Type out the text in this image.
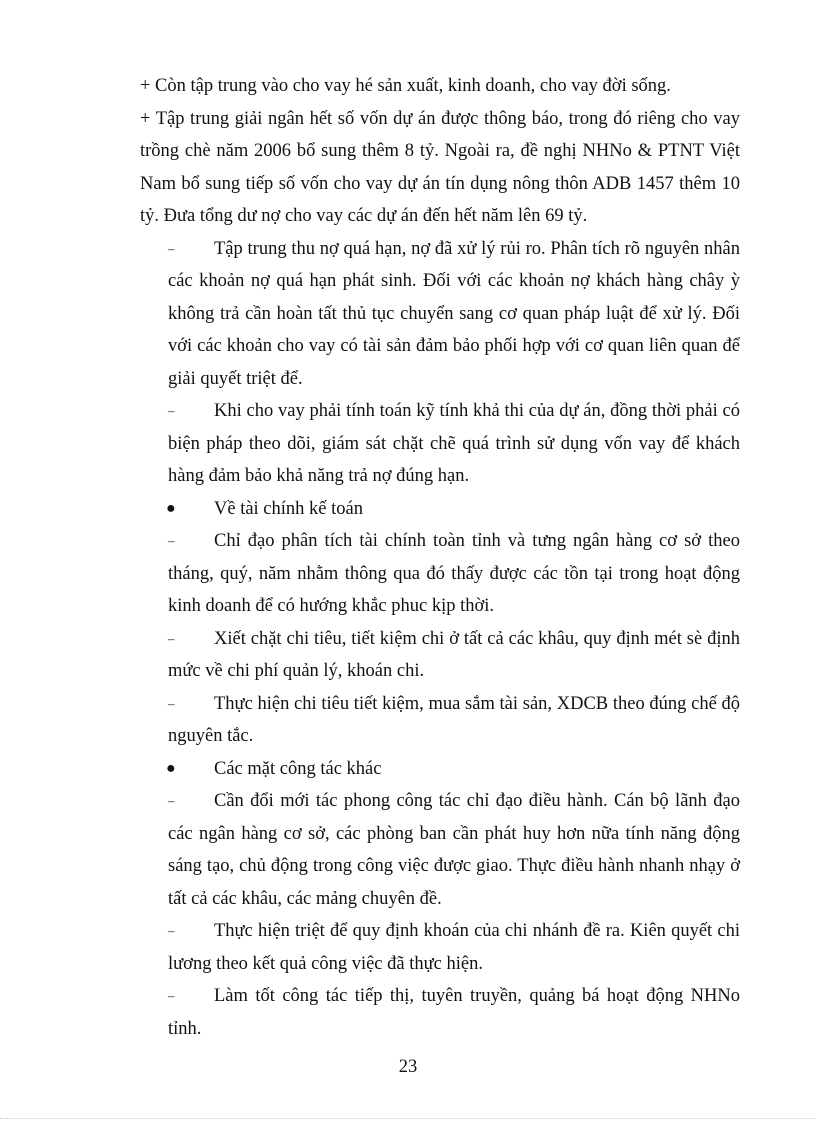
+ Còn tập trung vào cho vay hé sản xuất, kinh doanh, cho vay đời sống.

+ Tập trung giải ngân hết số vốn dự án được thông báo, trong đó riêng cho vay trồng chè năm 2006 bổ sung thêm 8 tỷ. Ngoài ra, đề nghị NHNo & PTNT Việt Nam bổ sung tiếp số vốn cho vay dự án tín dụng nông thôn ADB 1457 thêm 10 tỷ. Đưa tổng dư nợ cho vay các dự án đến hết năm lên 69 tỷ.

– Tập trung thu nợ quá hạn, nợ đã xử lý rủi ro. Phân tích rõ nguyên nhân các khoản nợ quá hạn phát sinh. Đối với các khoản nợ khách hàng chây ỳ không trả cần hoàn tất thủ tục chuyển sang cơ quan pháp luật để xử lý. Đối với các khoản cho vay có tài sản đảm bảo phối hợp với cơ quan liên quan để giải quyết triệt để.

– Khi cho vay phải tính toán kỹ tính khả thi của dự án, đồng thời phải có biện pháp theo dõi, giám sát chặt chẽ quá trình sử dụng vốn vay để khách hàng đảm bảo khả năng trả nợ đúng hạn.

● Về tài chính kế toán

– Chỉ đạo phân tích tài chính toàn tỉnh và tưng ngân hàng cơ sở theo tháng, quý, năm nhằm thông qua đó thấy được các tồn tại trong hoạt động kinh doanh để có hướng khắc phuc kịp thời.

– Xiết chặt chi tiêu, tiết kiệm chi ở tất cả các khâu, quy định mét sè định mức về chi phí quản lý, khoán chi.

– Thực hiện chi tiêu tiết kiệm, mua sắm tài sản, XDCB theo đúng chế độ nguyên tắc.

● Các mặt công tác khác

– Cần đổi mới tác phong công tác chỉ đạo điều hành. Cán bộ lãnh đạo các ngân hàng cơ sở, các phòng ban cần phát huy hơn nữa tính năng động sáng tạo, chủ động trong công việc được giao. Thực điều hành nhanh nhạy ở tất cả các khâu, các mảng chuyên đề.

– Thực hiện triệt để quy định khoán của chi nhánh đề ra. Kiên quyết chi lương theo kết quả công việc đã thực hiện.

– Làm tốt công tác tiếp thị, tuyên truyền, quảng bá hoạt động NHNo tỉnh.

23
